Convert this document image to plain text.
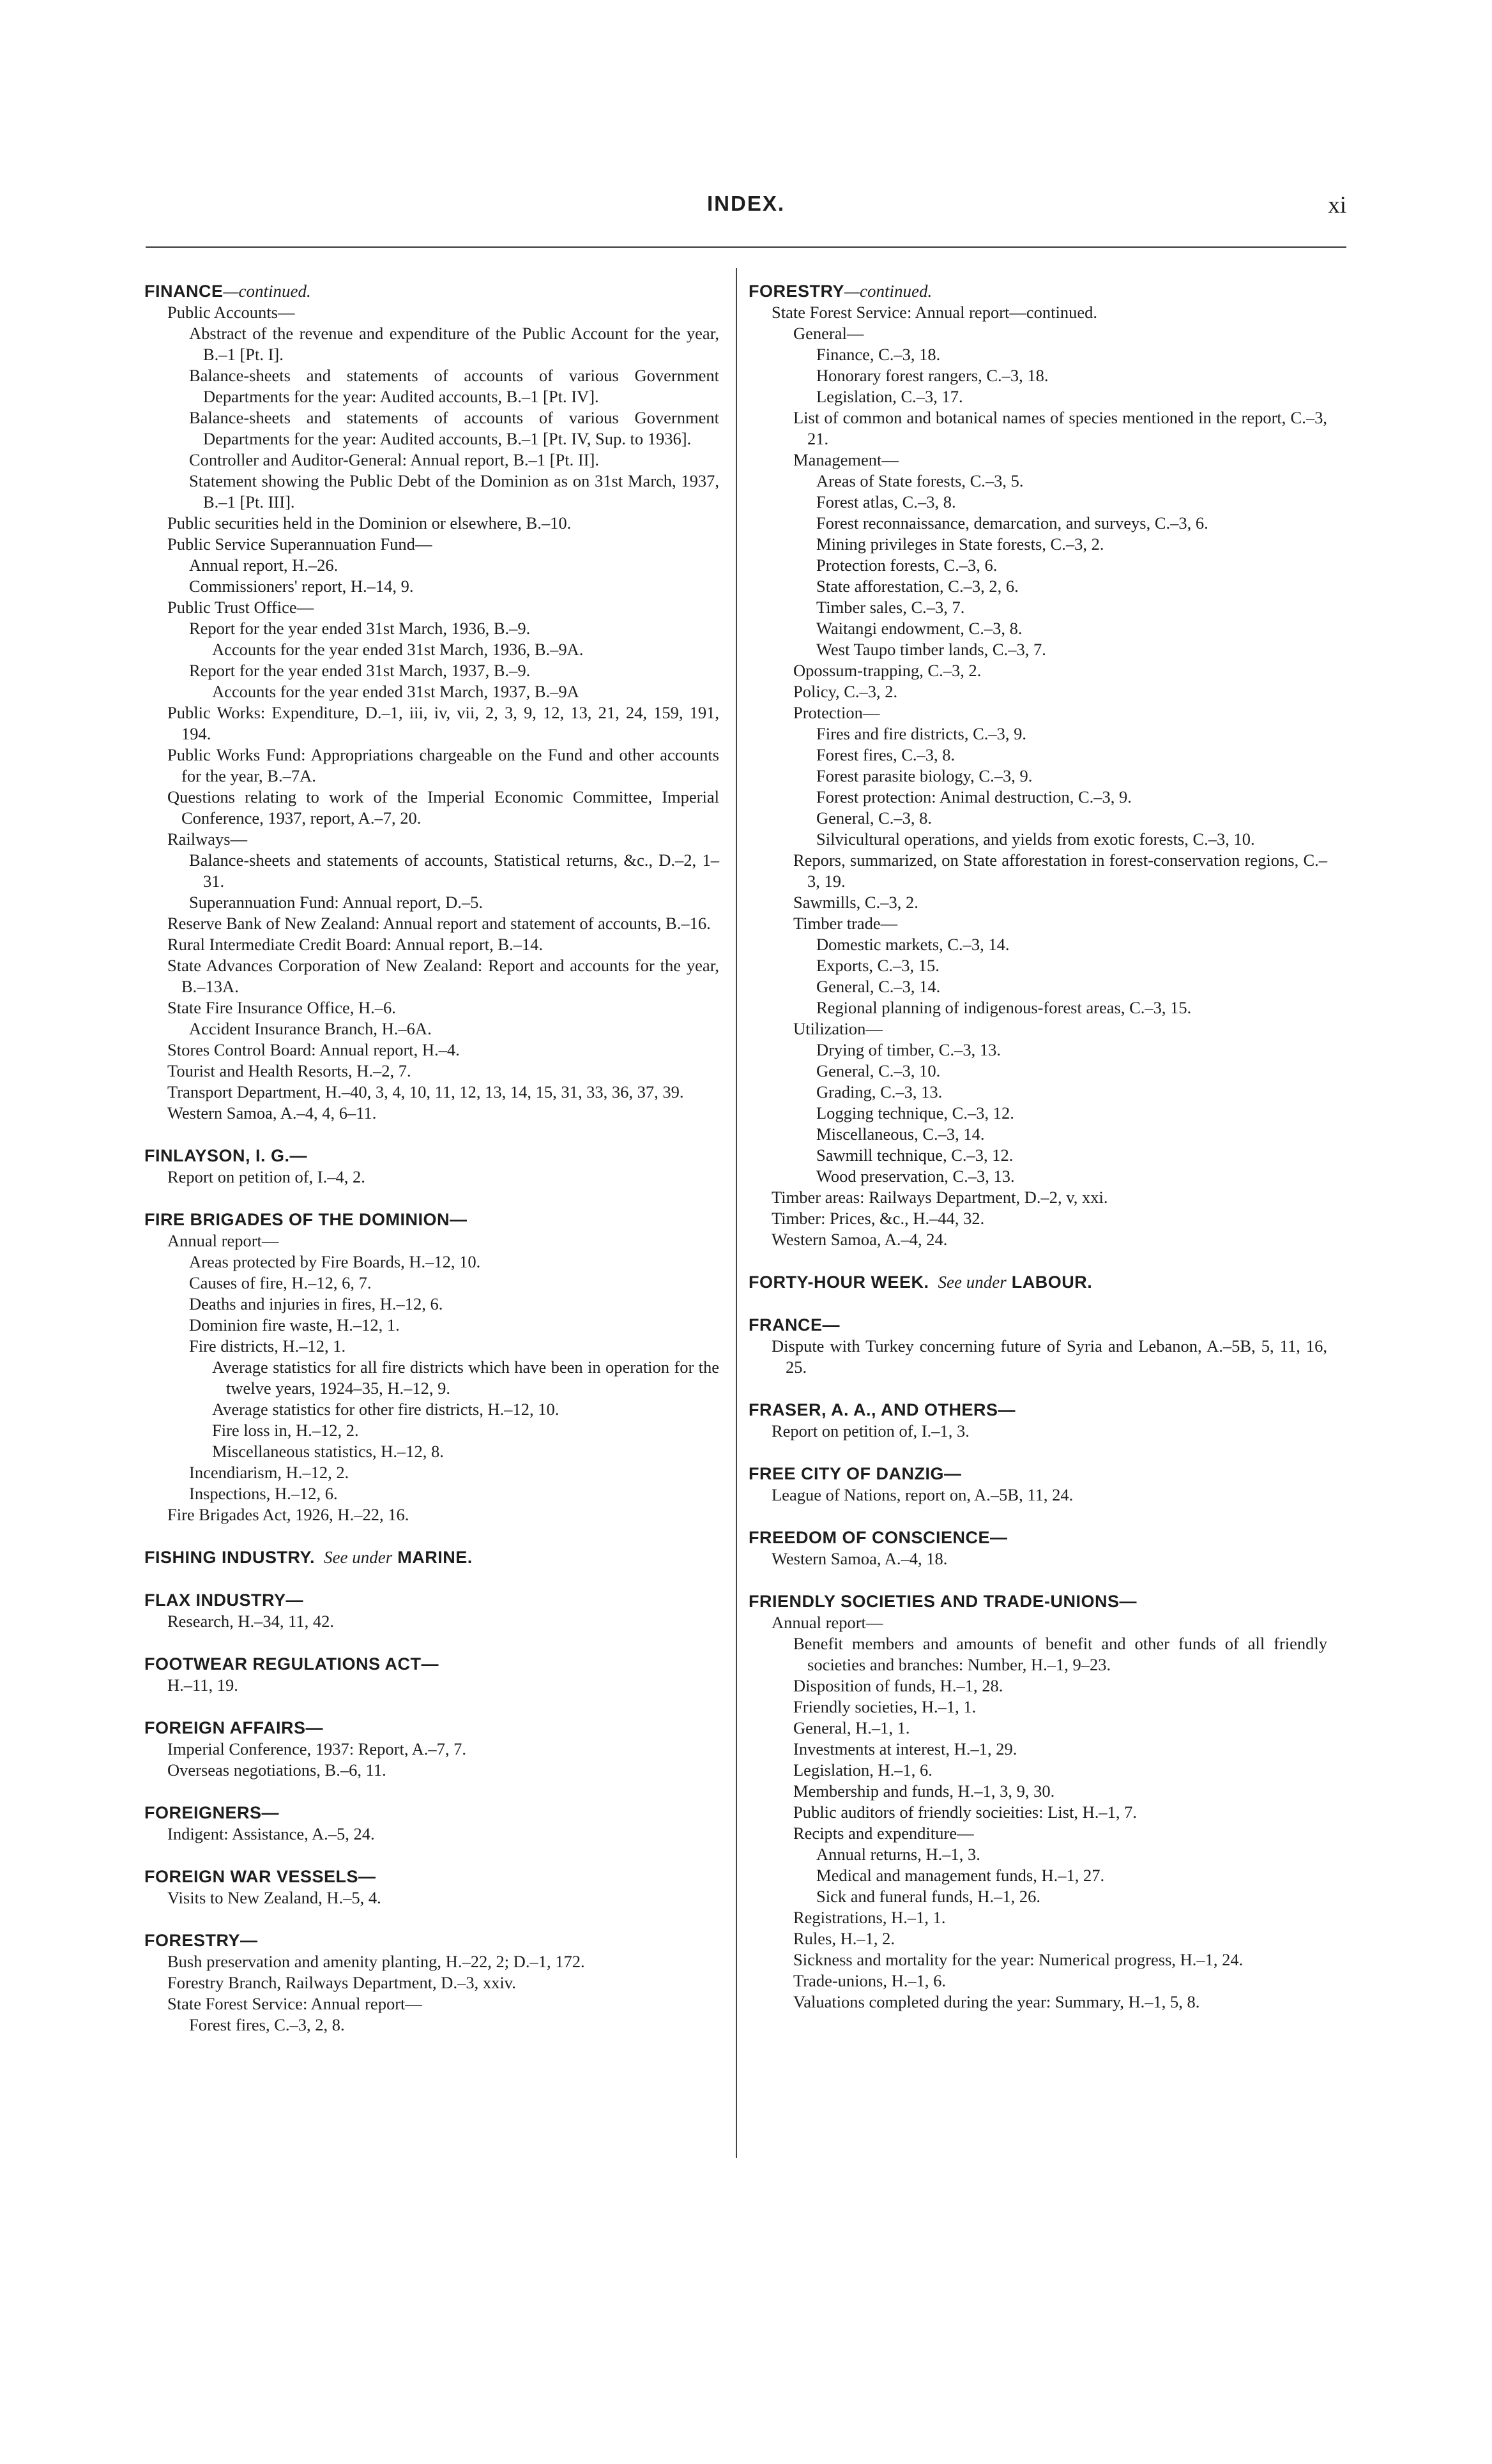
INDEX.	xi
FINANCE—continued.
Public Accounts—
Abstract of the revenue and expenditure of the Public Account for the year, B.–1 [Pt. I].
Balance-sheets and statements of accounts of various Government Departments for the year: Audited accounts, B.–1 [Pt. IV].
Balance-sheets and statements of accounts of various Government Departments for the year: Audited accounts, B.–1 [Pt. IV, Sup. to 1936].
Controller and Auditor-General: Annual report, B.–1 [Pt. II].
Statement showing the Public Debt of the Dominion as on 31st March, 1937, B.–1 [Pt. III].
Public securities held in the Dominion or elsewhere, B.–10.
Public Service Superannuation Fund—
Annual report, H.–26.
Commissioners' report, H.–14, 9.
Public Trust Office—
Report for the year ended 31st March, 1936, B.–9.
Accounts for the year ended 31st March, 1936, B.–9A.
Report for the year ended 31st March, 1937, B.–9.
Accounts for the year ended 31st March, 1937, B.–9A
Public Works: Expenditure, D.–1, iii, iv, vii, 2, 3, 9, 12, 13, 21, 24, 159, 191, 194.
Public Works Fund: Appropriations chargeable on the Fund and other accounts for the year, B.–7A.
Questions relating to work of the Imperial Economic Committee, Imperial Conference, 1937, report, A.–7, 20.
Railways—
Balance-sheets and statements of accounts, Statistical returns, &c., D.–2, 1–31.
Superannuation Fund: Annual report, D.–5.
Reserve Bank of New Zealand: Annual report and statement of accounts, B.–16.
Rural Intermediate Credit Board: Annual report, B.–14.
State Advances Corporation of New Zealand: Report and accounts for the year, B.–13A.
State Fire Insurance Office, H.–6.
Accident Insurance Branch, H.–6A.
Stores Control Board: Annual report, H.–4.
Tourist and Health Resorts, H.–2, 7.
Transport Department, H.–40, 3, 4, 10, 11, 12, 13, 14, 15, 31, 33, 36, 37, 39.
Western Samoa, A.–4, 4, 6–11.
FINLAYSON, I. G.—
Report on petition of, I.–4, 2.
FIRE BRIGADES OF THE DOMINION—
Annual report—
Areas protected by Fire Boards, H.–12, 10.
Causes of fire, H.–12, 6, 7.
Deaths and injuries in fires, H.–12, 6.
Dominion fire waste, H.–12, 1.
Fire districts, H.–12, 1.
Average statistics for all fire districts which have been in operation for the twelve years, 1924–35, H.–12, 9.
Average statistics for other fire districts, H.–12, 10.
Fire loss in, H.–12, 2.
Miscellaneous statistics, H.–12, 8.
Incendiarism, H.–12, 2.
Inspections, H.–12, 6.
Fire Brigades Act, 1926, H.–22, 16.
FISHING INDUSTRY.  See under MARINE.
FLAX INDUSTRY—
Research, H.–34, 11, 42.
FOOTWEAR REGULATIONS ACT—
H.–11, 19.
FOREIGN AFFAIRS—
Imperial Conference, 1937: Report, A.–7, 7.
Overseas negotiations, B.–6, 11.
FOREIGNERS—
Indigent: Assistance, A.–5, 24.
FOREIGN WAR VESSELS—
Visits to New Zealand, H.–5, 4.
FORESTRY—
Bush preservation and amenity planting, H.–22, 2; D.–1, 172.
Forestry Branch, Railways Department, D.–3, xxiv.
State Forest Service: Annual report—
Forest fires, C.–3, 2, 8.
FORESTRY—continued.
State Forest Service: Annual report—continued.
General—
Finance, C.–3, 18.
Honorary forest rangers, C.–3, 18.
Legislation, C.–3, 17.
List of common and botanical names of species mentioned in the report, C.–3, 21.
Management—
Areas of State forests, C.–3, 5.
Forest atlas, C.–3, 8.
Forest reconnaissance, demarcation, and surveys, C.–3, 6.
Mining privileges in State forests, C.–3, 2.
Protection forests, C.–3, 6.
State afforestation, C.–3, 2, 6.
Timber sales, C.–3, 7.
Waitangi endowment, C.–3, 8.
West Taupo timber lands, C.–3, 7.
Opossum-trapping, C.–3, 2.
Policy, C.–3, 2.
Protection—
Fires and fire districts, C.–3, 9.
Forest fires, C.–3, 8.
Forest parasite biology, C.–3, 9.
Forest protection: Animal destruction, C.–3, 9.
General, C.–3, 8.
Silvicultural operations, and yields from exotic forests, C.–3, 10.
Repors, summarized, on State afforestation in forest-conservation regions, C.–3, 19.
Sawmills, C.–3, 2.
Timber trade—
Domestic markets, C.–3, 14.
Exports, C.–3, 15.
General, C.–3, 14.
Regional planning of indigenous-forest areas, C.–3, 15.
Utilization—
Drying of timber, C.–3, 13.
General, C.–3, 10.
Grading, C.–3, 13.
Logging technique, C.–3, 12.
Miscellaneous, C.–3, 14.
Sawmill technique, C.–3, 12.
Wood preservation, C.–3, 13.
Timber areas: Railways Department, D.–2, v, xxi.
Timber: Prices, &c., H.–44, 32.
Western Samoa, A.–4, 24.
FORTY-HOUR WEEK.  See under LABOUR.
FRANCE—
Dispute with Turkey concerning future of Syria and Lebanon, A.–5B, 5, 11, 16, 25.
FRASER, A. A., AND OTHERS—
Report on petition of, I.–1, 3.
FREE CITY OF DANZIG—
League of Nations, report on, A.–5B, 11, 24.
FREEDOM OF CONSCIENCE—
Western Samoa, A.–4, 18.
FRIENDLY SOCIETIES AND TRADE-UNIONS—
Annual report—
Benefit members and amounts of benefit and other funds of all friendly societies and branches: Number, H.–1, 9–23.
Disposition of funds, H.–1, 28.
Friendly societies, H.–1, 1.
General, H.–1, 1.
Investments at interest, H.–1, 29.
Legislation, H.–1, 6.
Membership and funds, H.–1, 3, 9, 30.
Public auditors of friendly socieities: List, H.–1, 7.
Recipts and expenditure—
Annual returns, H.–1, 3.
Medical and management funds, H.–1, 27.
Sick and funeral funds, H.–1, 26.
Registrations, H.–1, 1.
Rules, H.–1, 2.
Sickness and mortality for the year: Numerical progress, H.–1, 24.
Trade-unions, H.–1, 6.
Valuations completed during the year: Summary, H.–1, 5, 8.
